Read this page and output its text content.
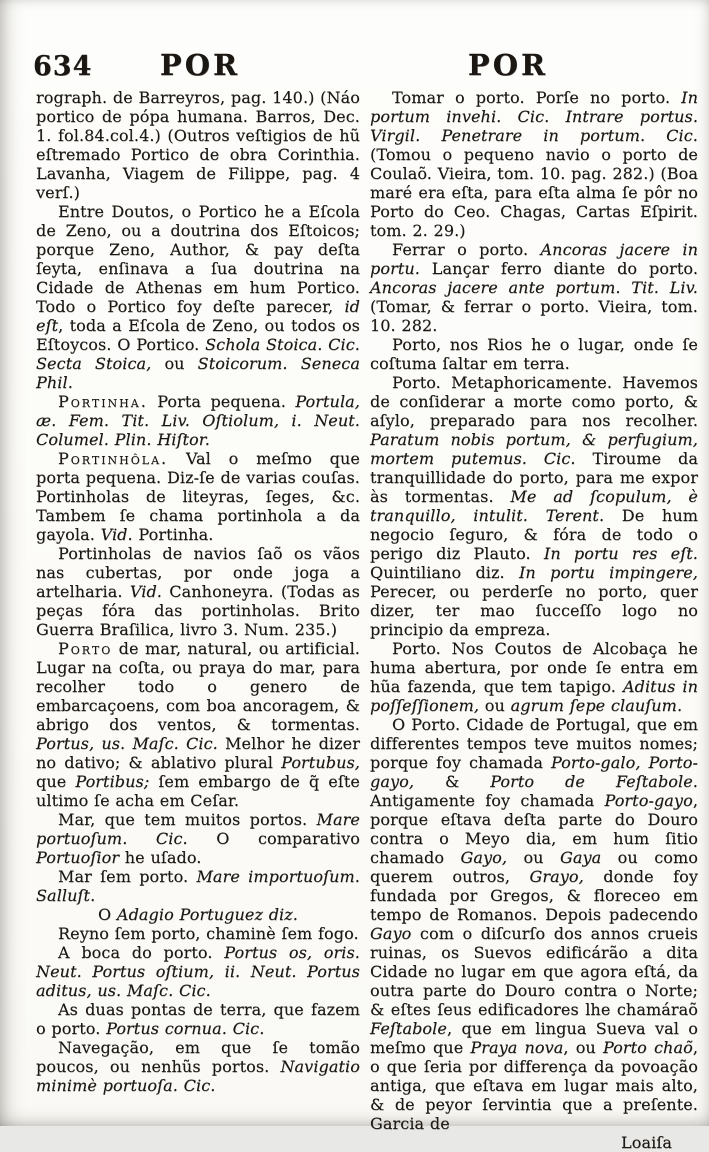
634	POR	POR

rograph. de Barreyros, pag. 140.) (Náo portico de pópa humana. Barros, Dec. 1. fol.84.col.4.) (Outros veſtigios de hũ eſtremado Portico de obra Corinthia. Lavanha, Viagem de Filippe, pag. 4 verſ.)

Entre Doutos, o Portico he a Eſcola de Zeno, ou a doutrina dos Eſtoicos; porque Zeno, Author, & pay deſta ſeyta, enſinava a ſua doutrina na Cidade de Athenas em hum Portico. Todo o Portico foy deſte parecer, id eſt, toda a Eſcola de Zeno, ou todos os Eſtoycos. O Portico. Schola Stoica. Cic. Secta Stoica, ou Stoicorum. Seneca Phil.

Portinha. Porta pequena. Portula, æ. Fem. Tit. Liv. Oſtiolum, i. Neut. Columel. Plin. Hiſtor.

Portinhôla. Val o meſmo que porta pequena. Diz-ſe de varias couſas. Portinholas de liteyras, ſeges, &c. Tambem ſe chama portinhola a da gayola. Vid. Portinha.

Portinholas de navios ſaõ os vãos nas cubertas, por onde joga a artelharia. Vid. Canhoneyra. (Todas as peças fóra das portinholas. Brito Guerra Braſilica, livro 3. Num. 235.)

Porto de mar, natural, ou artificial. Lugar na coſta, ou praya do mar, para recolher todo o genero de embarcaçoens, com boa ancoragem, & abrigo dos ventos, & tormentas. Portus, us. Maſc. Cic. Melhor he dizer no dativo; & ablativo plural Portubus, que Portibus; ſem embargo de q̃ eſte ultimo ſe acha em Ceſar.

Mar, que tem muitos portos. Mare portuoſum. Cic. O comparativo Portuoſior he uſado.

Mar ſem porto. Mare importuoſum. Salluſt.

O Adagio Portuguez diz.

Reyno ſem porto, chaminè ſem fogo.

A boca do porto. Portus os, oris. Neut. Portus oſtium, ii. Neut. Portus aditus, us. Maſc. Cic.

As duas pontas de terra, que fazem o porto. Portus cornua. Cic.

Navegação, em que ſe tomão poucos, ou nenhũs portos. Navigatio minimè portuoſa. Cic.

Tomar o porto. Porſe no porto. In portum invehi. Cic. Intrare portus. Virgil. Penetrare in portum. Cic. (Tomou o pequeno navio o porto de Coulaõ. Vieira, tom. 10. pag. 282.) (Boa maré era eſta, para eſta alma ſe pôr no Porto do Ceo. Chagas, Cartas Eſpirit. tom. 2. 29.)

Ferrar o porto. Ancoras jacere in portu. Lançar ferro diante do porto. Ancoras jacere ante portum. Tit. Liv. (Tomar, & ferrar o porto. Vieira, tom. 10. 282.

Porto, nos Rios he o lugar, onde ſe coſtuma ſaltar em terra.

Porto. Metaphoricamente. Havemos de conſiderar a morte como porto, & aſylo, preparado para nos recolher. Paratum nobis portum, & perfugium, mortem putemus. Cic. Tiroume da tranquillidade do porto, para me expor às tormentas. Me ad ſcopulum, è tranquillo, intulit. Terent. De hum negocio ſeguro, & fóra de todo o perigo diz Plauto. In portu res eſt. Quintiliano diz. In portu impingere, Perecer, ou perderſe no porto, quer dizer, ter mao ſucceſſo logo no principio da empreza.

Porto. Nos Coutos de Alcobaça he huma abertura, por onde ſe entra em hũa fazenda, que tem tapigo. Aditus in poſſeſſionem, ou agrum ſepe clauſum.

O Porto. Cidade de Portugal, que em differentes tempos teve muitos nomes; porque foy chamada Porto-galo, Porto-gayo, & Porto de Feſtabole. Antigamente foy chamada Porto-gayo, porque eſtava deſta parte do Douro contra o Meyo dia, em hum ſitio chamado Gayo, ou Gaya ou como querem outros, Grayo, donde foy fundada por Gregos, & floreceo em tempo de Romanos. Depois padecendo Gayo com o diſcurſo dos annos crueis ruinas, os Suevos edificárão a dita Cidade no lugar em que agora eſtá, da outra parte do Douro contra o Norte; & eſtes ſeus edificadores lhe chamáraõ Feſtabole, que em lingua Sueva val o meſmo que Praya nova, ou Porto chaõ, o que ſeria por differença da povoação antiga, que eſtava em lugar mais alto, & de peyor ſervintia que a preſente. Garcia de

Loaiſa
